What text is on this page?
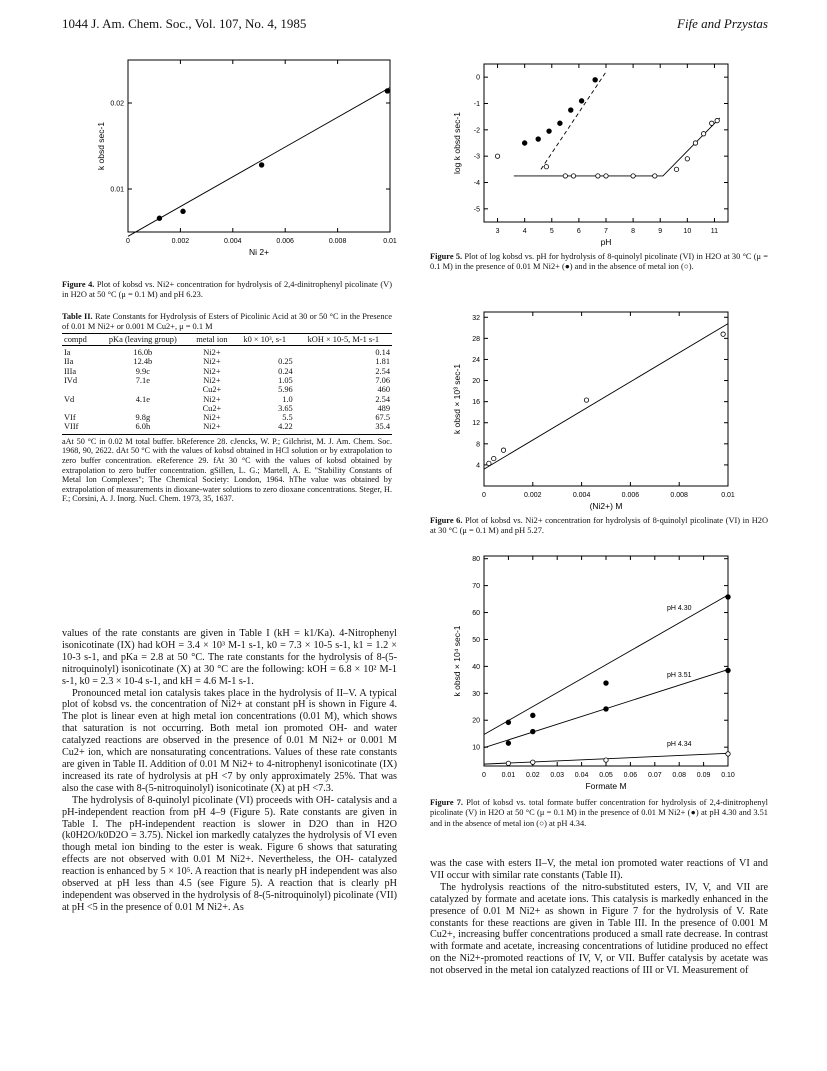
1044 J. Am. Chem. Soc., Vol. 107, No. 4, 1985	Fife and Przystas
0	0.002	0.004	0.006	0.008	0.01
0.01
0.02
Ni 2+
k obsd sec-1
Figure 4. Plot of kobsd vs. Ni2+ concentration for hydrolysis of 2,4-dinitrophenyl picolinate (V) in H2O at 50 °C (μ = 0.1 M) and pH 6.23.
Table II. Rate Constants for Hydrolysis of Esters of Picolinic Acid at 30 or 50 °C in the Presence of 0.01 M Ni2+ or 0.001 M Cu2+, μ = 0.1 M
compd	pKa (leaving group)	metal ion	k0 × 10³, s-1	kOH × 10-5, M-1 s-1
Ia	16.0b	Ni2+		0.14
IIa	12.4b	Ni2+	0.25	1.81
IIIa	9.9c	Ni2+	0.24	2.54
IVd	7.1e	Ni2+	1.05	7.06
		Cu2+	5.96	460
Vd	4.1e	Ni2+	1.0	2.54
		Cu2+	3.65	489
VIf	9.8g	Ni2+	5.5	67.5
VIIf	6.0h	Ni2+	4.22	35.4
aAt 50 °C in 0.02 M total buffer. bReference 28. cJencks, W. P.; Gilchrist, M. J. Am. Chem. Soc. 1968, 90, 2622. dAt 50 °C with the values of kobsd obtained in HCl solution or by extrapolation to zero buffer concentration. eReference 29. fAt 30 °C with the values of kobsd obtained by extrapolation to zero buffer concentration. gSillen, L. G.; Martell, A. E. "Stability Constants of Metal Ion Complexes"; The Chemical Society: London, 1964. hThe value was obtained by extrapolation of measurements in dioxane-water solutions to zero dioxane concentrations. Steger, H. F.; Corsini, A. J. Inorg. Nucl. Chem. 1973, 35, 1637.

values of the rate constants are given in Table I (kH = k1/Ka). 4-Nitrophenyl isonicotinate (IX) had kOH = 3.4 × 10³ M-1 s-1, k0 = 7.3 × 10-5 s-1, k1 = 1.2 × 10-3 s-1, and pKa = 2.8 at 50 °C. The rate constants for the hydrolysis of 8-(5-nitroquinolyl) isonicotinate (X) at 30 °C are the following: kOH = 6.8 × 10² M-1 s-1, k0 = 2.3 × 10-4 s-1, and kH = 4.6 M-1 s-1.

Pronounced metal ion catalysis takes place in the hydrolysis of II–V. A typical plot of kobsd vs. the concentration of Ni2+ at constant pH is shown in Figure 4. The plot is linear even at high metal ion concentrations (0.01 M), which shows that saturation is not occurring. Both metal ion promoted OH- and water catalyzed reactions are observed in the presence of 0.01 M Ni2+ or 0.001 M Cu2+ ion, which are nonsaturating concentrations. Values of these rate constants are given in Table II. Addition of 0.01 M Ni2+ to 4-nitrophenyl isonicotinate (IX) increased its rate of hydrolysis at pH <7 by only approximately 25%. That was also the case with 8-(5-nitroquinolyl) isonicotinate (X) at pH <7.3.

The hydrolysis of 8-quinolyl picolinate (VI) proceeds with OH- catalysis and a pH-independent reaction from pH 4–9 (Figure 5). Rate constants are given in Table I. The pH-independent reaction is slower in D2O than in H2O (k0H2O/k0D2O = 3.75). Nickel ion markedly catalyzes the hydrolysis of VI even though metal ion binding to the ester is weak. Figure 6 shows that saturating effects are not observed with 0.01 M Ni2+. Nevertheless, the OH- catalyzed reaction is enhanced by 5 × 10⁵. A reaction that is nearly pH independent was also observed at pH less than 4.5 (see Figure 5). A reaction that is clearly pH independent was observed in the hydrolysis of 8-(5-nitroquinolyl) picolinate (VII) at pH <5 in the presence of 0.01 M Ni2+. As

3	4	5	6	7	8	9	10	11
0
-1
-2
-3
-4
-5
pH
log k obsd sec-1
Figure 5. Plot of log kobsd vs. pH for hydrolysis of 8-quinolyl picolinate (VI) in H2O at 30 °C (μ = 0.1 M) in the presence of 0.01 M Ni2+ (●) and in the absence of metal ion (○).
0	0.002	0.004	0.006	0.008	0.01
4
8
12
16
20
24
28
32
(Ni2+) M
k obsd × 10³ sec-1
Figure 6. Plot of kobsd vs. Ni2+ concentration for hydrolysis of 8-quinolyl picolinate (VI) in H2O at 30 °C (μ = 0.1 M) and pH 5.27.
0 0.01 0.02 0.03 0.04 0.05 0.06 0.07 0.08 0.09 0.10
10
20
30
40
50
60
70
80
Formate M
k obsd × 10⁴ sec-1
pH 4.30
pH 3.51
pH 4.34
Figure 7. Plot of kobsd vs. total formate buffer concentration for hydrolysis of 2,4-dinitrophenyl picolinate (V) in H2O at 50 °C (μ = 0.1 M) in the presence of 0.01 M Ni2+ (●) at pH 4.30 and 3.51 and in the absence of metal ion (○) at pH 4.34.

was the case with esters II–V, the metal ion promoted water reactions of VI and VII occur with similar rate constants (Table II).

The hydrolysis reactions of the nitro-substituted esters, IV, V, and VII are catalyzed by formate and acetate ions. This catalysis is markedly enhanced in the presence of 0.01 M Ni2+ as shown in Figure 7 for the hydrolysis of V. Rate constants for these reactions are given in Table III. In the presence of 0.001 M Cu2+, increasing buffer concentrations produced a small rate decrease. In contrast with formate and acetate, increasing concentrations of lutidine produced no effect on the Ni2+-promoted reactions of IV, V, or VII. Buffer catalysis by acetate was not observed in the metal ion catalyzed reactions of III or VI. Measurement of
